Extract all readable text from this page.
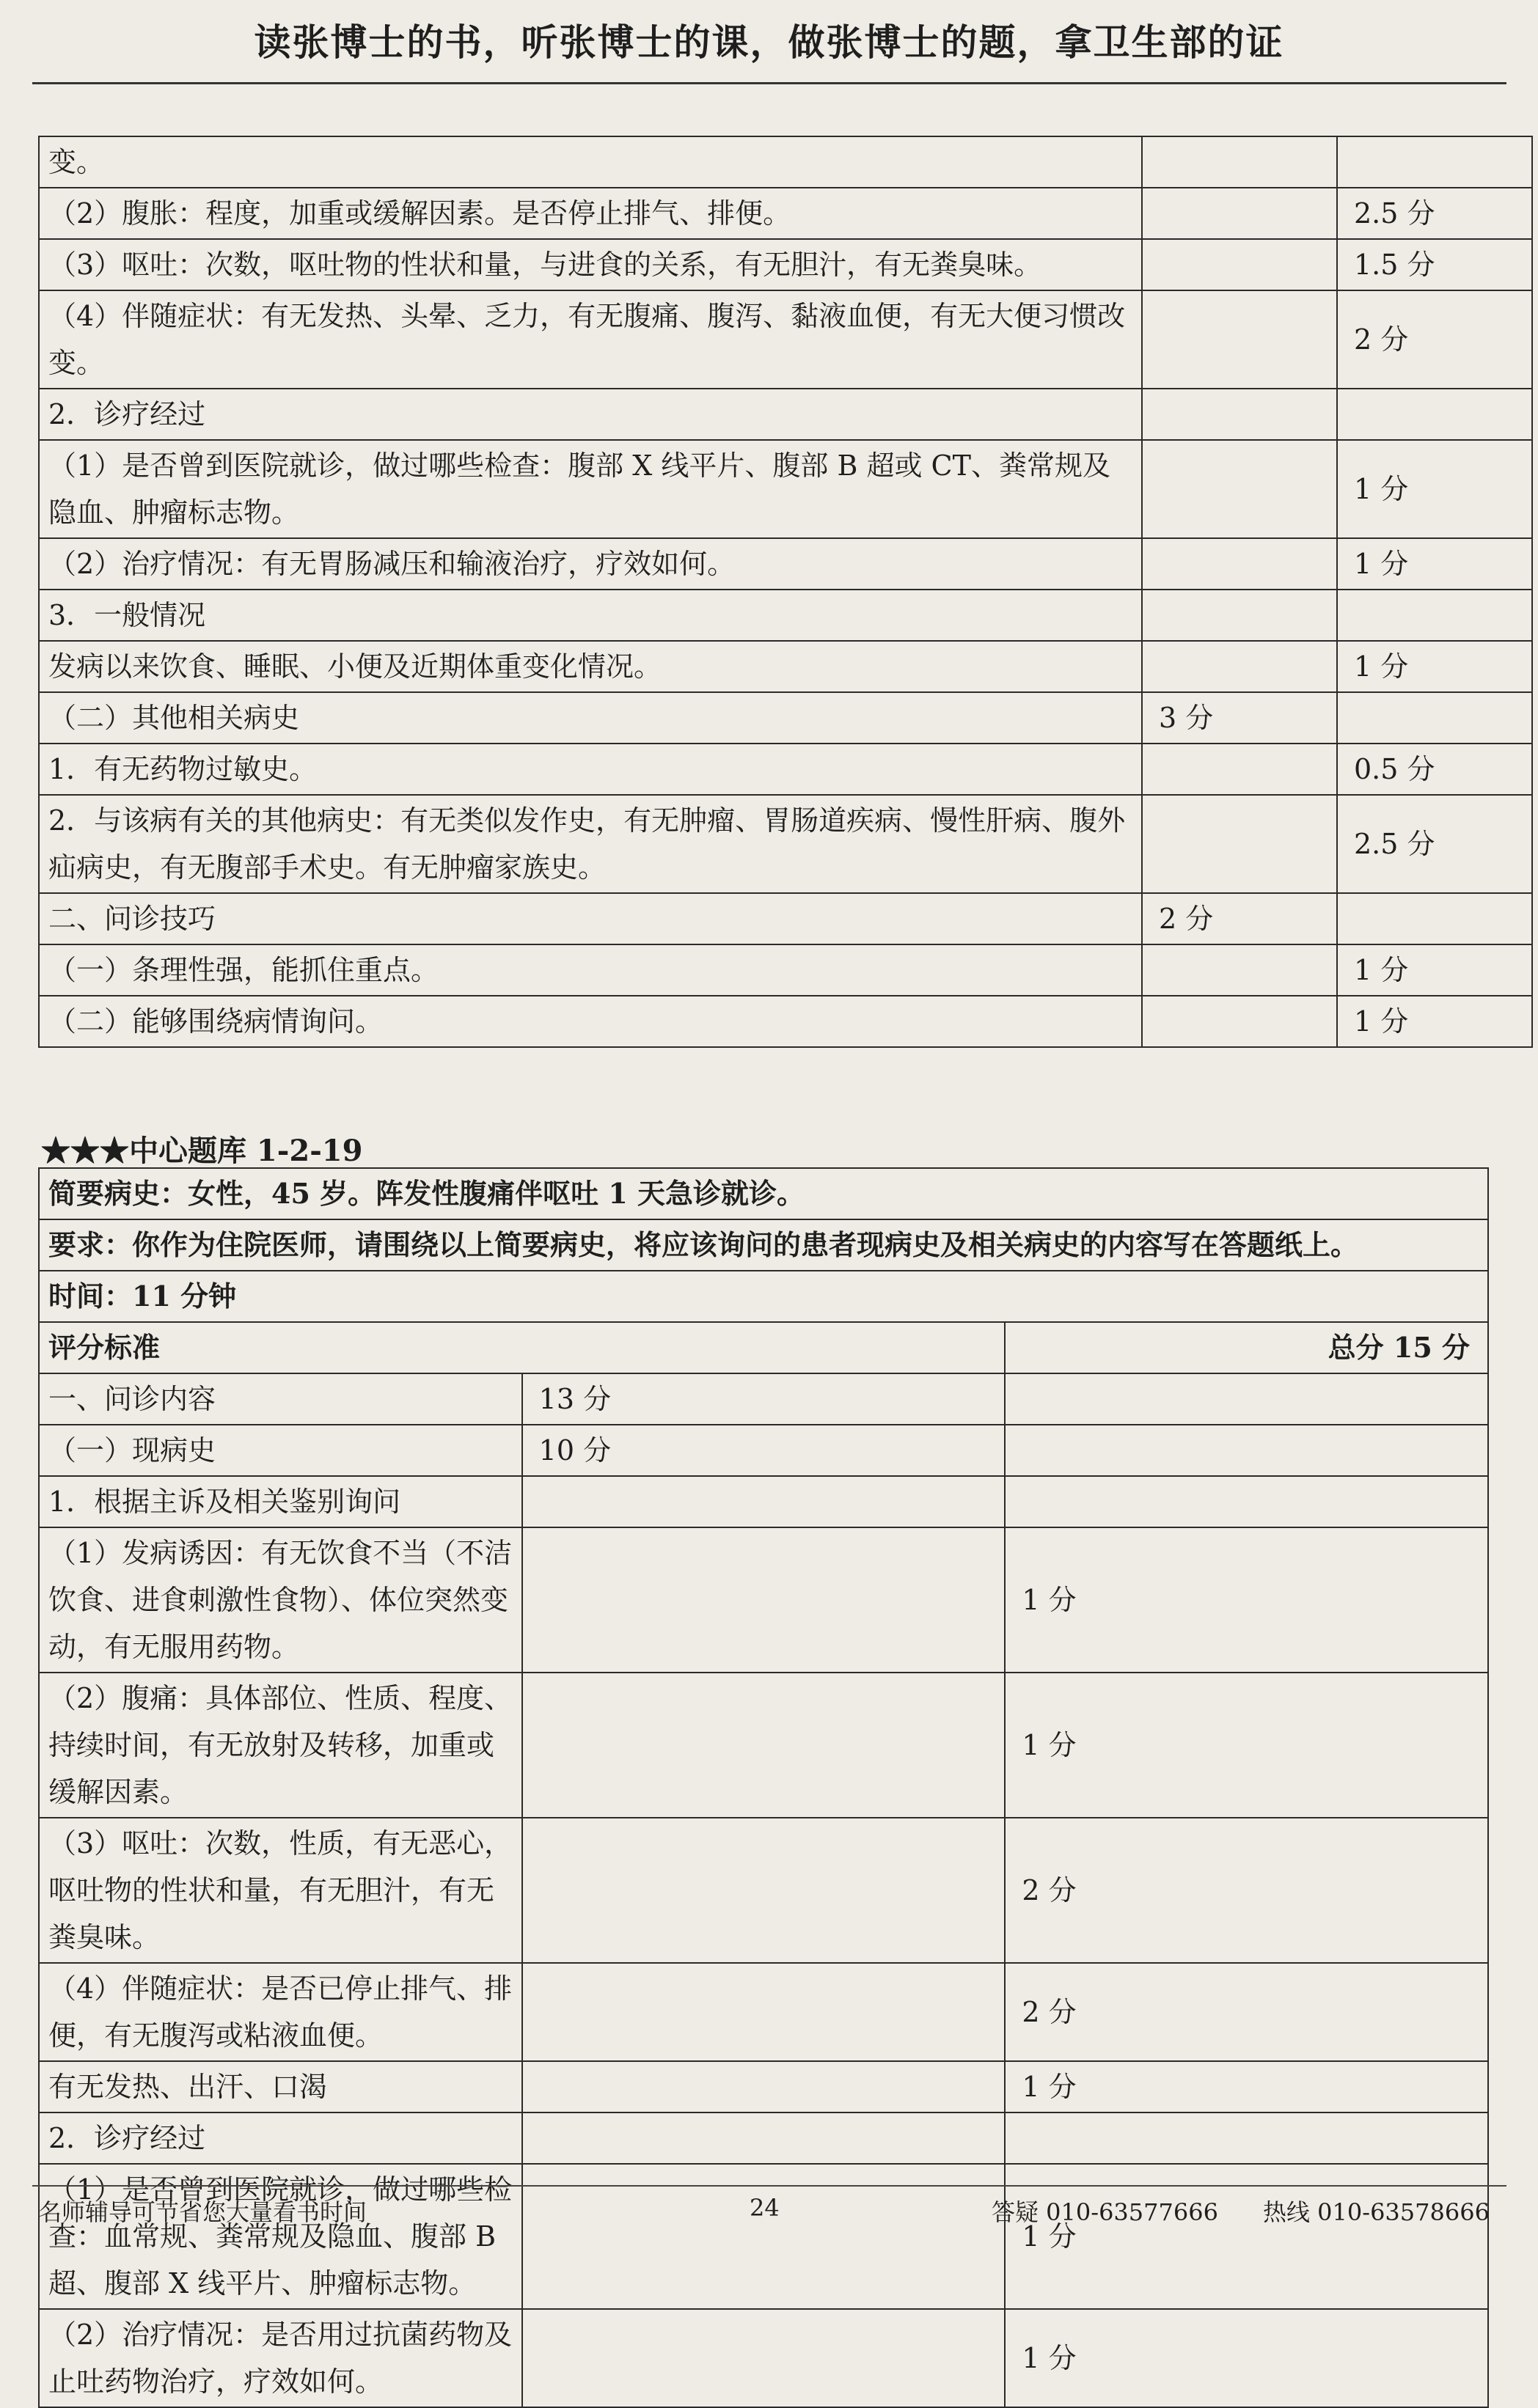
读张博士的书，听张博士的课，做张博士的题，拿卫生部的证
变。		
（2）腹胀：程度，加重或缓解因素。是否停止排气、排便。		2.5 分
（3）呕吐：次数，呕吐物的性状和量，与进食的关系，有无胆汁，有无粪臭味。		1.5 分
（4）伴随症状：有无发热、头晕、乏力，有无腹痛、腹泻、黏液血便，有无大便习惯改变。		2 分
2．诊疗经过		
（1）是否曾到医院就诊，做过哪些检查：腹部 X 线平片、腹部 B 超或 CT、粪常规及隐血、肿瘤标志物。		1 分
（2）治疗情况：有无胃肠减压和输液治疗，疗效如何。		1 分
3．一般情况		
发病以来饮食、睡眠、小便及近期体重变化情况。		1 分
（二）其他相关病史	3 分	
1．有无药物过敏史。		0.5 分
2．与该病有关的其他病史：有无类似发作史，有无肿瘤、胃肠道疾病、慢性肝病、腹外疝病史，有无腹部手术史。有无肿瘤家族史。		2.5 分
二、问诊技巧	2 分	
（一）条理性强，能抓住重点。		1 分
（二）能够围绕病情询问。		1 分
★★★中心题库 1-2-19
简要病史：女性，45 岁。阵发性腹痛伴呕吐 1 天急诊就诊。		
要求：你作为住院医师，请围绕以上简要病史，将应该询问的患者现病史及相关病史的内容写在答题纸上。		
时间：11 分钟		
评分标准		总分 15 分
一、问诊内容	13 分	
（一）现病史	10 分	
1．根据主诉及相关鉴别询问		
（1）发病诱因：有无饮食不当（不洁饮食、进食刺激性食物）、体位突然变动，有无服用药物。		1 分
（2）腹痛：具体部位、性质、程度、持续时间，有无放射及转移，加重或缓解因素。		1 分
（3）呕吐：次数，性质，有无恶心，呕吐物的性状和量，有无胆汁，有无粪臭味。		2 分
（4）伴随症状：是否已停止排气、排便，有无腹泻或粘液血便。		2 分
有无发热、出汗、口渴		1 分
2．诊疗经过		
（1）是否曾到医院就诊，做过哪些检查：血常规、粪常规及隐血、腹部 B 超、腹部 X 线平片、肿瘤标志物。		1 分
（2）治疗情况：是否用过抗菌药物及止吐药物治疗，疗效如何。		1 分
名师辅导可节省您大量看书时间	24	答疑 010-63577666 热线 010-63578666
